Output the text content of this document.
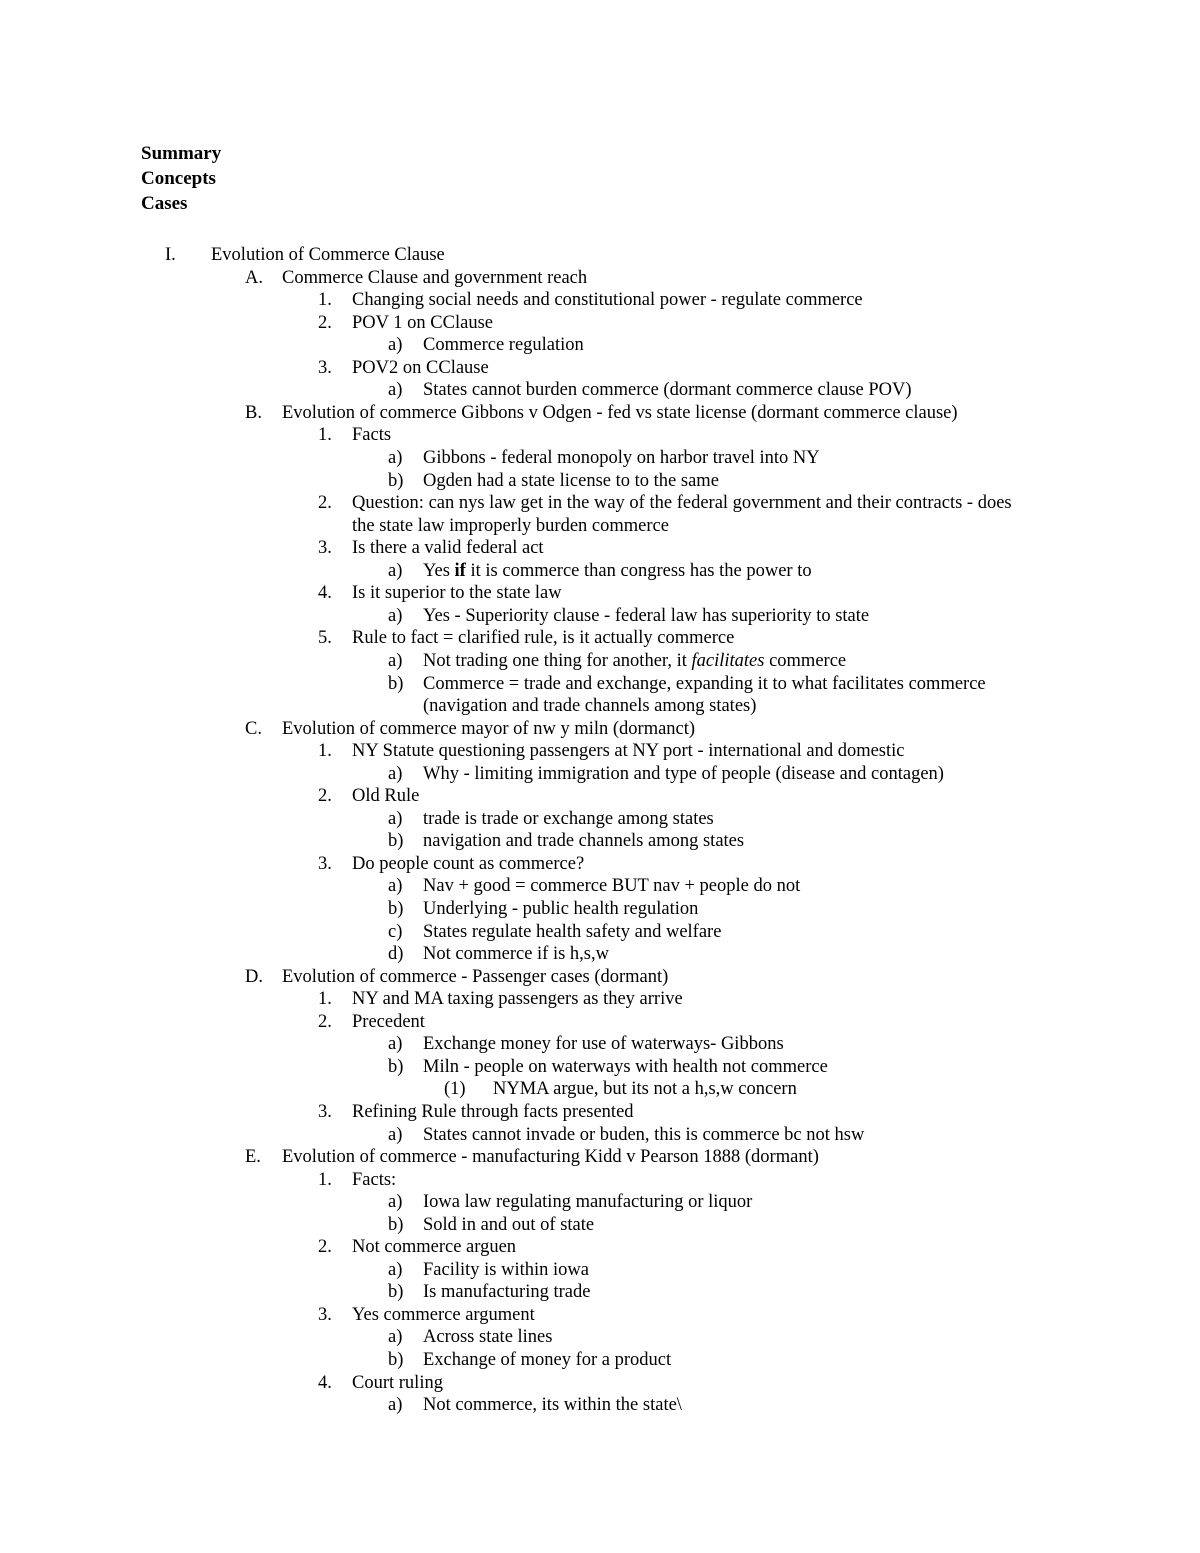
Summary
Concepts
Cases
I. Evolution of Commerce Clause
A. Commerce Clause and government reach
1. Changing social needs and constitutional power - regulate commerce
2. POV 1 on CClause
a) Commerce regulation
3. POV2 on CClause
a) States cannot burden commerce (dormant commerce clause POV)
B. Evolution of commerce Gibbons v Odgen - fed vs state license (dormant commerce clause)
1. Facts
a) Gibbons - federal monopoly on harbor travel into NY
b) Ogden had a state license to to the same
2. Question: can nys law get in the way of the federal government and their contracts - does
the state law improperly burden commerce
3. Is there a valid federal act
a) Yes if it is commerce than congress has the power to
4. Is it superior to the state law
a) Yes - Superiority clause - federal law has superiority to state
5. Rule to fact = clarified rule, is it actually commerce
a) Not trading one thing for another, it facilitates commerce
b) Commerce = trade and exchange, expanding it to what facilitates commerce
(navigation and trade channels among states)
C. Evolution of commerce mayor of nw y miln (dormanct)
1. NY Statute questioning passengers at NY port - international and domestic
a) Why - limiting immigration and type of people (disease and contagen)
2. Old Rule
a) trade is trade or exchange among states
b) navigation and trade channels among states
3. Do people count as commerce?
a) Nav + good = commerce BUT nav + people do not
b) Underlying - public health regulation
c) States regulate health safety and welfare
d) Not commerce if is h,s,w
D. Evolution of commerce - Passenger cases (dormant)
1. NY and MA taxing passengers as they arrive
2. Precedent
a) Exchange money for use of waterways- Gibbons
b) Miln - people on waterways with health not commerce
(1) NYMA argue, but its not a h,s,w concern
3. Refining Rule through facts presented
a) States cannot invade or buden, this is commerce bc not hsw
E. Evolution of commerce - manufacturing Kidd v Pearson 1888 (dormant)
1. Facts:
a) Iowa law regulating manufacturing or liquor
b) Sold in and out of state
2. Not commerce arguen
a) Facility is within iowa
b) Is manufacturing trade
3. Yes commerce argument
a) Across state lines
b) Exchange of money for a product
4. Court ruling
a) Not commerce, its within the state\
